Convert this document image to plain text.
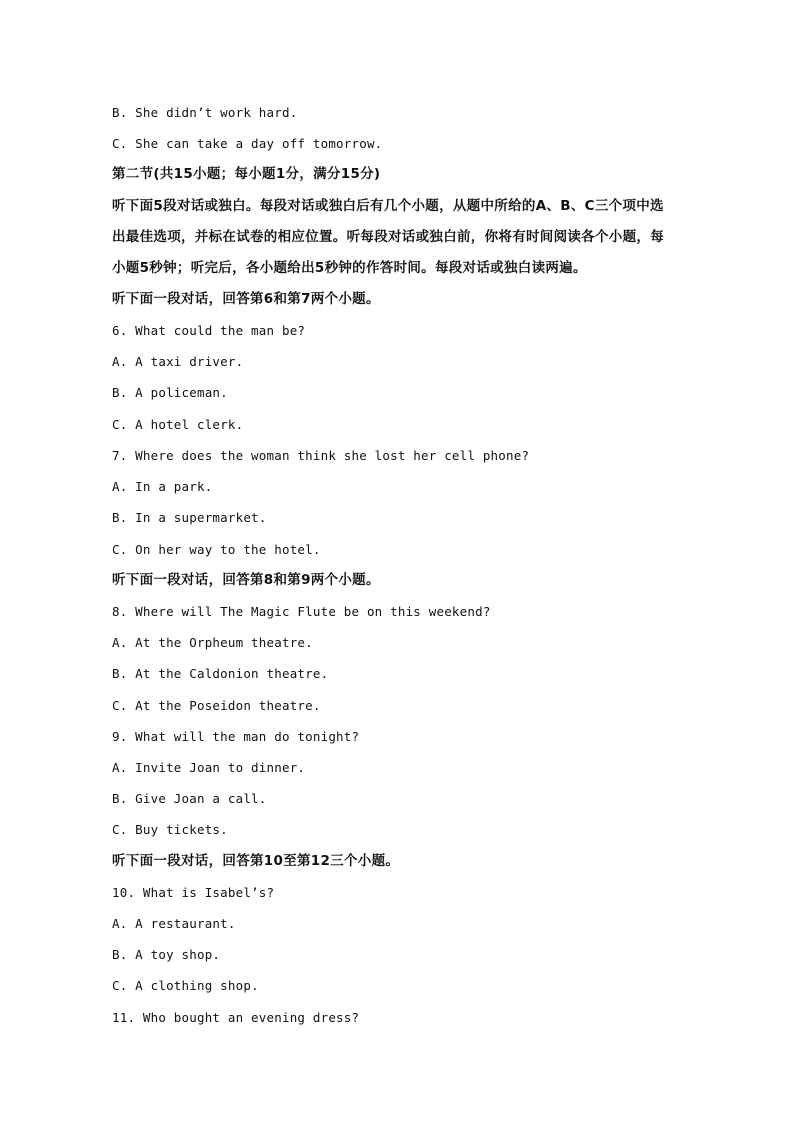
B. She didn’t work hard.
C. She can take a day off tomorrow.
第二节(共15小题；每小题1分，满分15分)
听下面5段对话或独白。每段对话或独白后有几个小题，从题中所给的A、B、C三个项中选
出最佳选项，并标在试卷的相应位置。听每段对话或独白前，你将有时间阅读各个小题，每
小题5秒钟；听完后，各小题给出5秒钟的作答时间。每段对话或独白读两遍。
听下面一段对话，回答第6和第7两个小题。
6. What could the man be?
A. A taxi driver.
B. A policeman.
C. A hotel clerk.
7. Where does the woman think she lost her cell phone?
A. In a park.
B. In a supermarket.
C. On her way to the hotel.
听下面一段对话，回答第8和第9两个小题。
8. Where will The Magic Flute be on this weekend?
A. At the Orpheum theatre.
B. At the Caldonion theatre.
C. At the Poseidon theatre.
9. What will the man do tonight?
A. Invite Joan to dinner.
B. Give Joan a call.
C. Buy tickets.
听下面一段对话，回答第10至第12三个小题。
10. What is Isabel’s?
A. A restaurant.
B. A toy shop.
C. A clothing shop.
11. Who bought an evening dress?
